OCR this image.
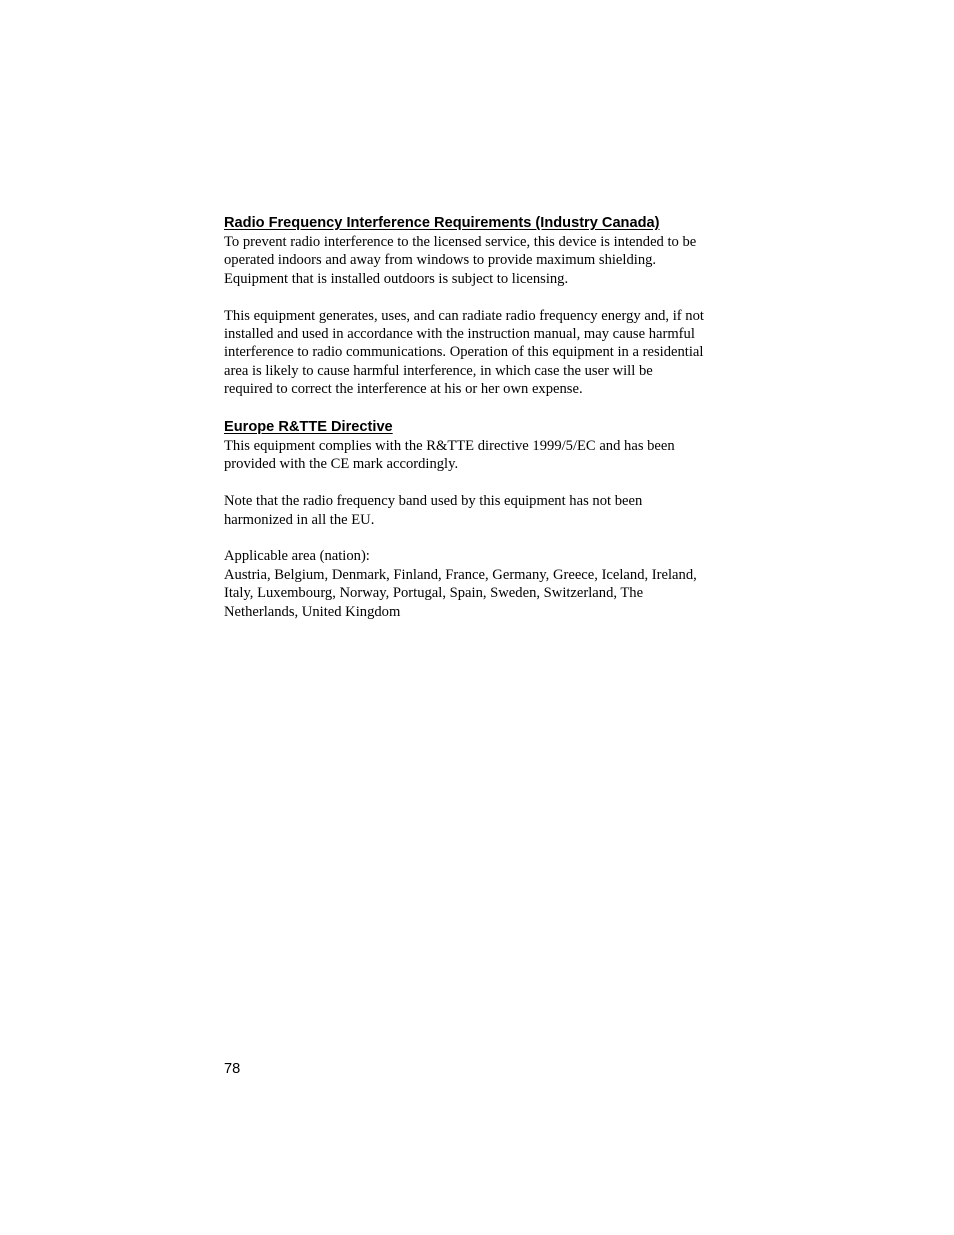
Radio Frequency Interference Requirements (Industry Canada)

To prevent radio interference to the licensed service, this device is intended to be operated indoors and away from windows to provide maximum shielding. Equipment that is installed outdoors is subject to licensing.

This equipment generates, uses, and can radiate radio frequency energy and, if not installed and used in accordance with the instruction manual, may cause harmful interference to radio communications. Operation of this equipment in a residential area is likely to cause harmful interference, in which case the user will be required to correct the interference at his or her own expense.

Europe R&TTE Directive

This equipment complies with the R&TTE directive 1999/5/EC and has been provided with the CE mark accordingly.

Note that the radio frequency band used by this equipment has not been harmonized in all the EU.

Applicable area (nation):

Austria, Belgium, Denmark, Finland, France, Germany, Greece, Iceland, Ireland, Italy, Luxembourg, Norway, Portugal, Spain, Sweden, Switzerland, The Netherlands, United Kingdom

78
